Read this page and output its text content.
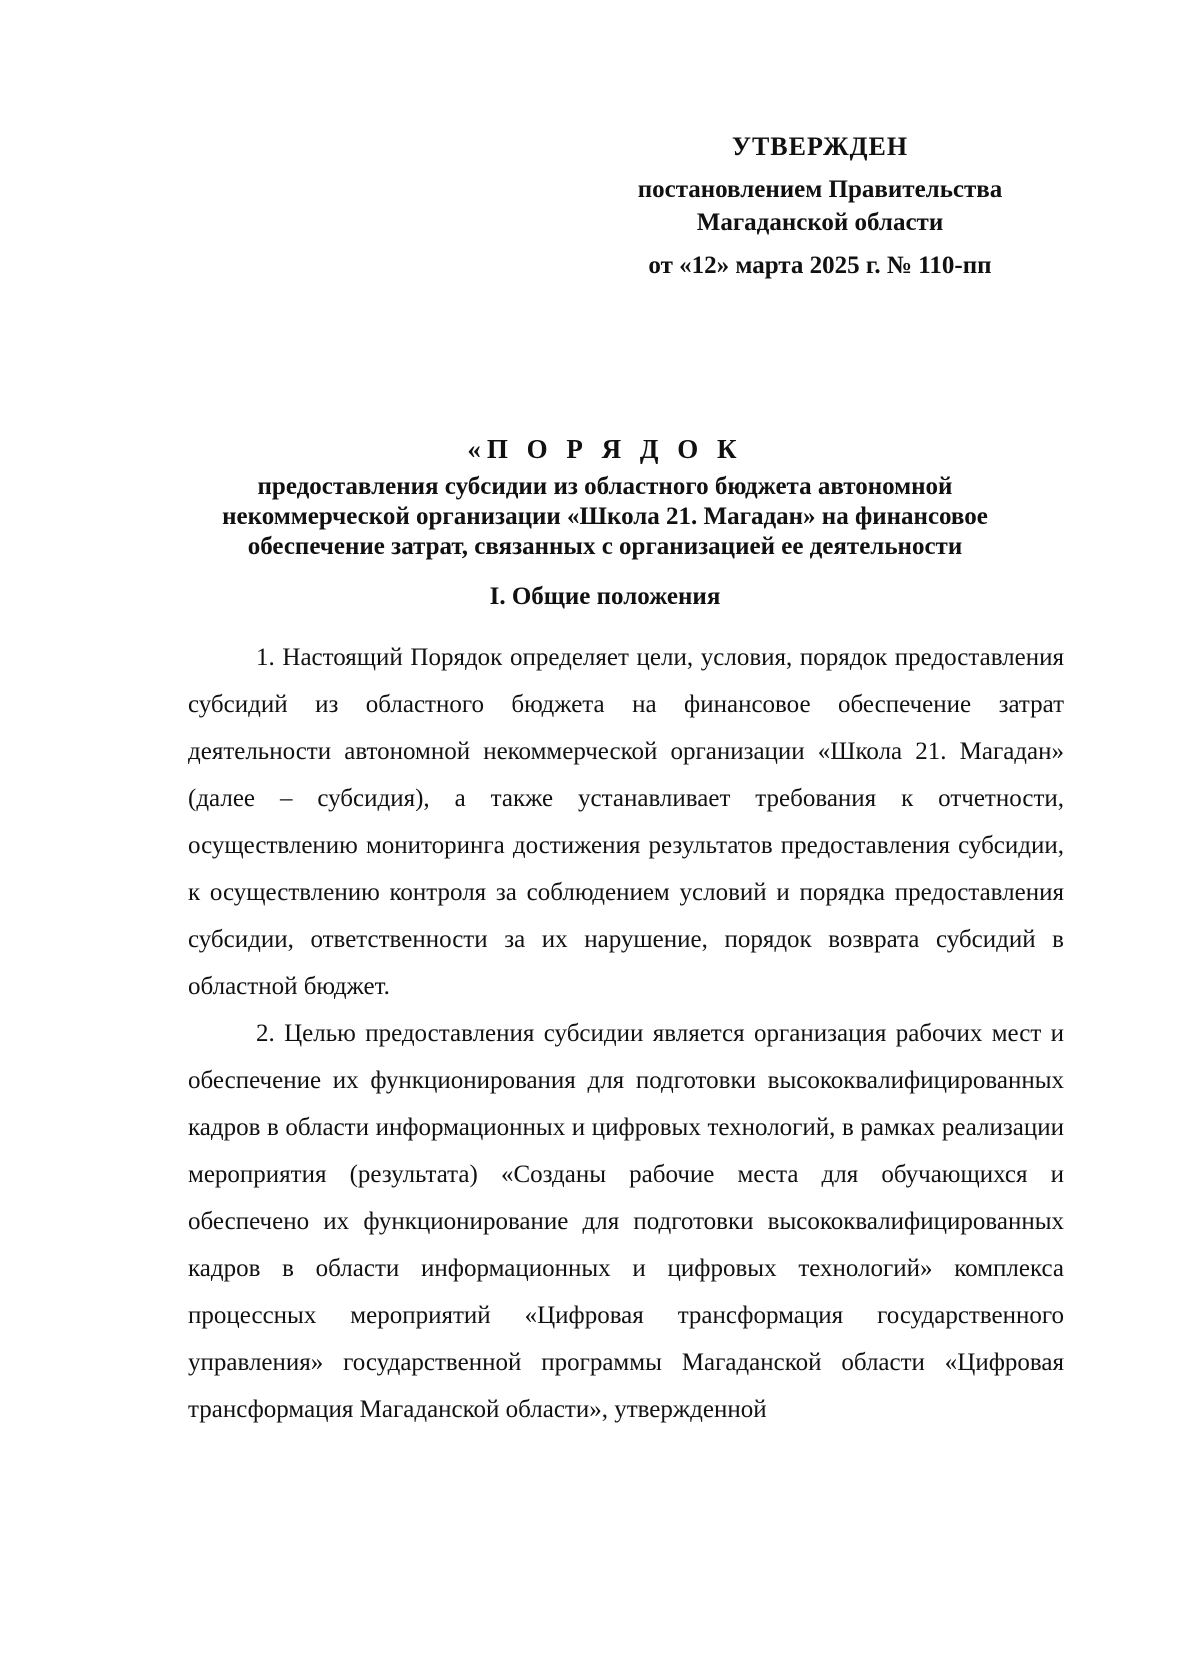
УТВЕРЖДЕН
постановлением Правительства
Магаданской области
от «12» марта 2025 г. № 110-пп
«П О Р Я Д О К
предоставления субсидии из областного бюджета автономной
некоммерческой организации «Школа 21. Магадан» на финансовое
обеспечение затрат, связанных с организацией ее деятельности
I. Общие положения

1. Настоящий Порядок определяет цели, условия, порядок предоставления субсидий из областного бюджета на финансовое обеспечение затрат деятельности автономной некоммерческой организации «Школа 21. Магадан» (далее – субсидия), а также устанавливает требования к отчетности, осуществлению мониторинга достижения результатов предоставления субсидии, к осуществлению контроля за соблюдением условий и порядка предоставления субсидии, ответственности за их нарушение, порядок возврата субсидий в областной бюджет.

2. Целью предоставления субсидии является организация рабочих мест и обеспечение их функционирования для подготовки высококвалифицированных кадров в области информационных и цифровых технологий, в рамках реализации мероприятия (результата) «Созданы рабочие места для обучающихся и обеспечено их функционирование для подготовки высококвалифицированных кадров в области информационных и цифровых технологий» комплекса процессных мероприятий «Цифровая трансформация государственного управления» государственной программы Магаданской области «Цифровая трансформация Магаданской области», утвержденной
